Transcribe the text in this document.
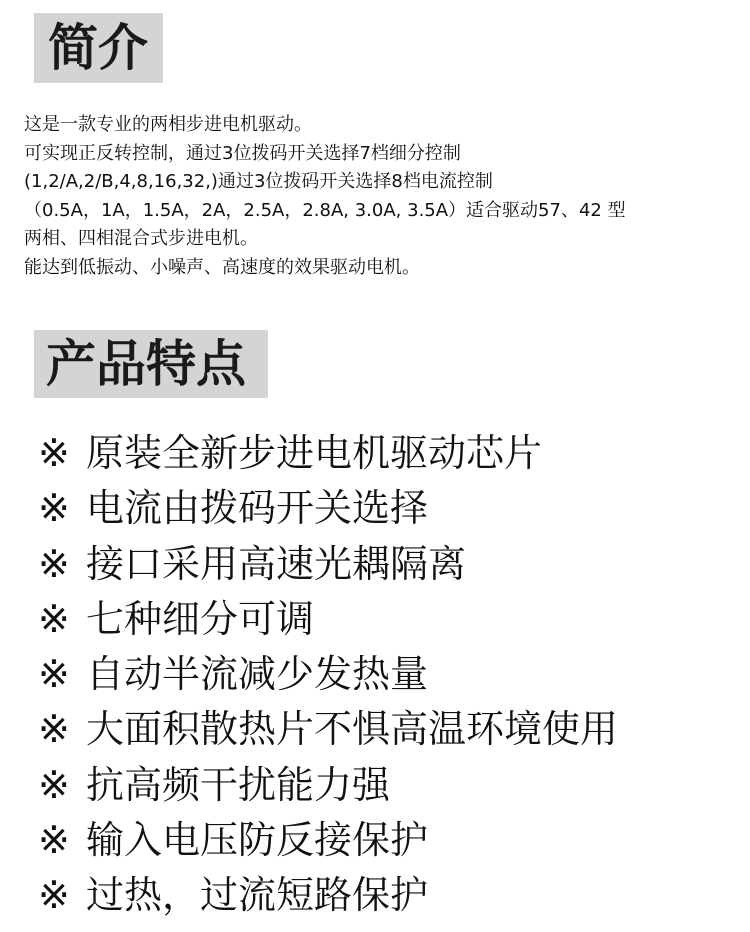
简介
这是一款专业的两相步进电机驱动。
可实现正反转控制，通过3位拨码开关选择7档细分控制
(1,2/A,2/B,4,8,16,32,)通过3位拨码开关选择8档电流控制
（0.5A，1A，1.5A，2A，2.5A，2.8A, 3.0A, 3.5A）适合驱动57、42 型
两相、四相混合式步进电机。
能达到低振动、小噪声、高速度的效果驱动电机。
产品特点
※ 原装全新步进电机驱动芯片
※ 电流由拨码开关选择
※ 接口采用高速光耦隔离
※ 七种细分可调
※ 自动半流减少发热量
※ 大面积散热片不惧高温环境使用
※ 抗高频干扰能力强
※ 输入电压防反接保护
※ 过热，过流短路保护
